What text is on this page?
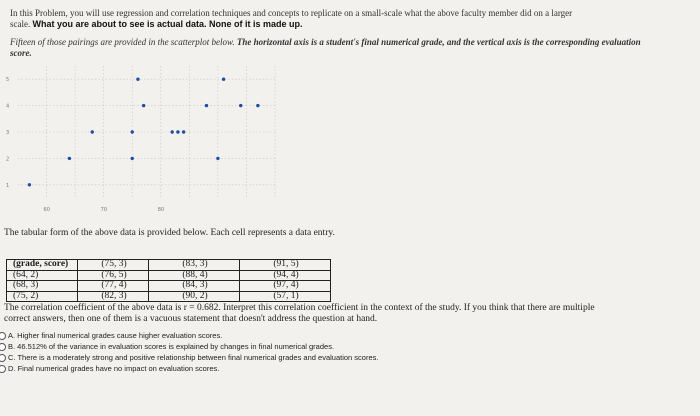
In this Problem, you will use regression and correlation techniques and concepts to replicate on a small-scale what the above faculty member did on a larger
scale. What you are about to see is actual data. None of it is made up.
Fifteen of those pairings are provided in the scatterplot below. The horizontal axis is a student's final numerical grade, and the vertical axis is the corresponding evaluation score.
5
4
3
2
1
60	70	80
The tabular form of the above data is provided below. Each cell represents a data entry.
(grade, score)	(75, 3)	(83, 3)	(91, 5)
(64, 2)	(76, 5)	(88, 4)	(94, 4)
(68, 3)	(77, 4)	(84, 3)	(97, 4)
(75, 2)	(82, 3)	(90, 2)	(57, 1)
The correlation coefficient of the above data is r = 0.682. Interpret this correlation coefficient in the context of the study. If you think that there are multiple
correct answers, then one of them is a vacuous statement that doesn't address the question at hand.
A. Higher final numerical grades cause higher evaluation scores.
B. 46.512% of the variance in evaluation scores is explained by changes in final numerical grades.
C. There is a moderately strong and positive relationship between final numerical grades and evaluation scores.
D. Final numerical grades have no impact on evaluation scores.
